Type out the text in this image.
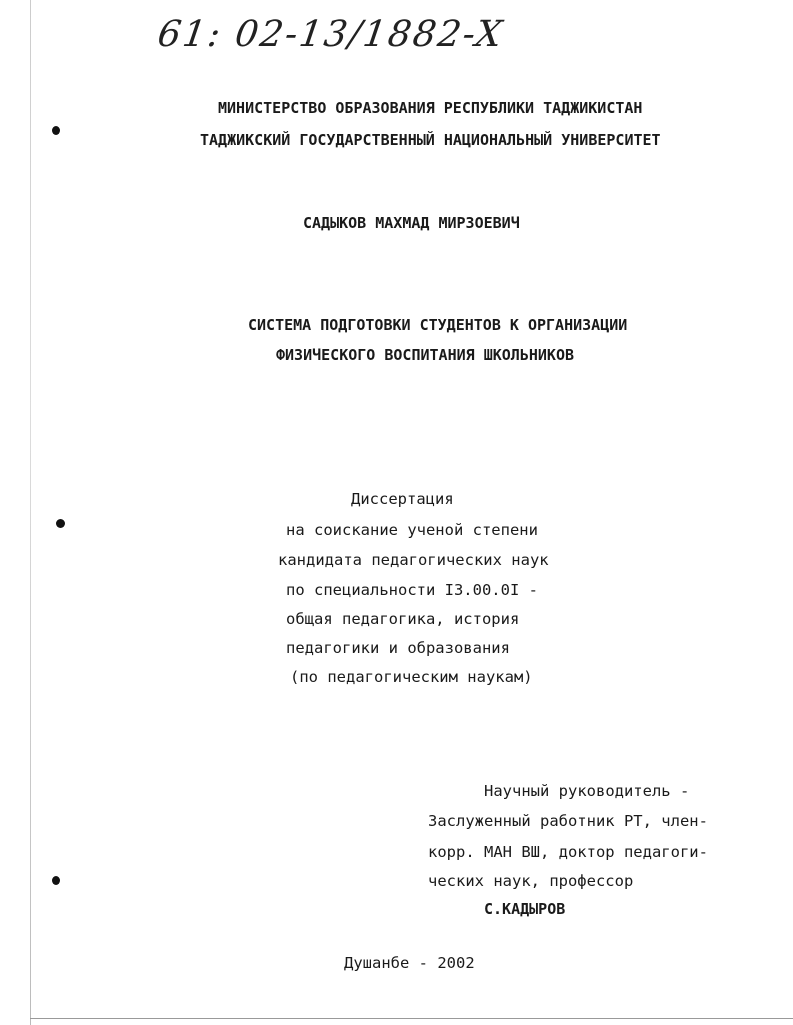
61: 02-13/1882-X
МИНИСТЕРСТВО ОБРАЗОВАНИЯ РЕСПУБЛИКИ ТАДЖИКИСТАН
ТАДЖИКСКИЙ ГОСУДАРСТВЕННЫЙ НАЦИОНАЛЬНЫЙ УНИВЕРСИТЕТ
САДЫКОВ МАХМАД МИРЗОЕВИЧ
СИСТЕМА ПОДГОТОВКИ СТУДЕНТОВ К ОРГАНИЗАЦИИ
ФИЗИЧЕСКОГО ВОСПИТАНИЯ ШКОЛЬНИКОВ
Диссертация
на соискание ученой степени
кандидата педагогических наук
по специальности I3.00.0I -
общая педагогика, история
педагогики и образования
(по педагогическим наукам)
Научный руководитель -
Заслуженный работник РТ, член-
корр. МАН ВШ, доктор педагоги-
ческих наук, профессор
С.КАДЫРОВ
Душанбе - 2002
